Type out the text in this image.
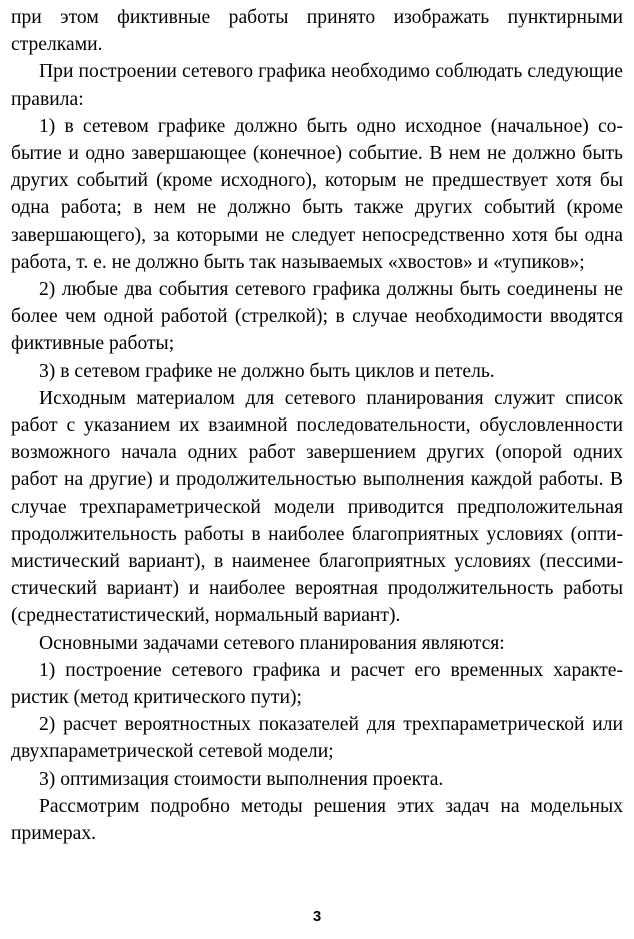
при этом фиктивные работы принято изображать пунктирными стрелками.

При построении сетевого графика необходимо соблюдать следующие правила:

1) в сетевом графике должно быть одно исходное (начальное) событие и одно завершающее (конечное) событие. В нем не должно быть других событий (кроме исходного), которым не предшествует хотя бы одна работа; в нем не должно быть также других событий (кроме завершающего), за которыми не следует непосредственно хотя бы одна работа, т. е. не должно быть так называемых «хвостов» и «тупиков»;

2) любые два события сетевого графика должны быть соединены не более чем одной работой (стрелкой); в случае необходимости вводятся фиктивные работы;

3) в сетевом графике не должно быть циклов и петель.

Исходным материалом для сетевого планирования служит список работ с указанием их взаимной последовательности, обусловленности возможного начала одних работ завершением других (опорой одних работ на другие) и продолжительностью выполнения каждой работы. В случае трехпараметрической модели приводится предположительная продолжительность работы в наиболее благоприятных условиях (оптимистический вариант), в наименее благоприятных условиях (пессимистический вариант) и наиболее вероятная продолжительность работы (среднестатистический, нормальный вариант).

Основными задачами сетевого планирования являются:

1) построение сетевого графика и расчет его временных характеристик (метод критического пути);

2) расчет вероятностных показателей для трехпараметрической или двухпараметрической сетевой модели;

3) оптимизация стоимости выполнения проекта.

Рассмотрим подробно методы решения этих задач на модельных примерах.

3
